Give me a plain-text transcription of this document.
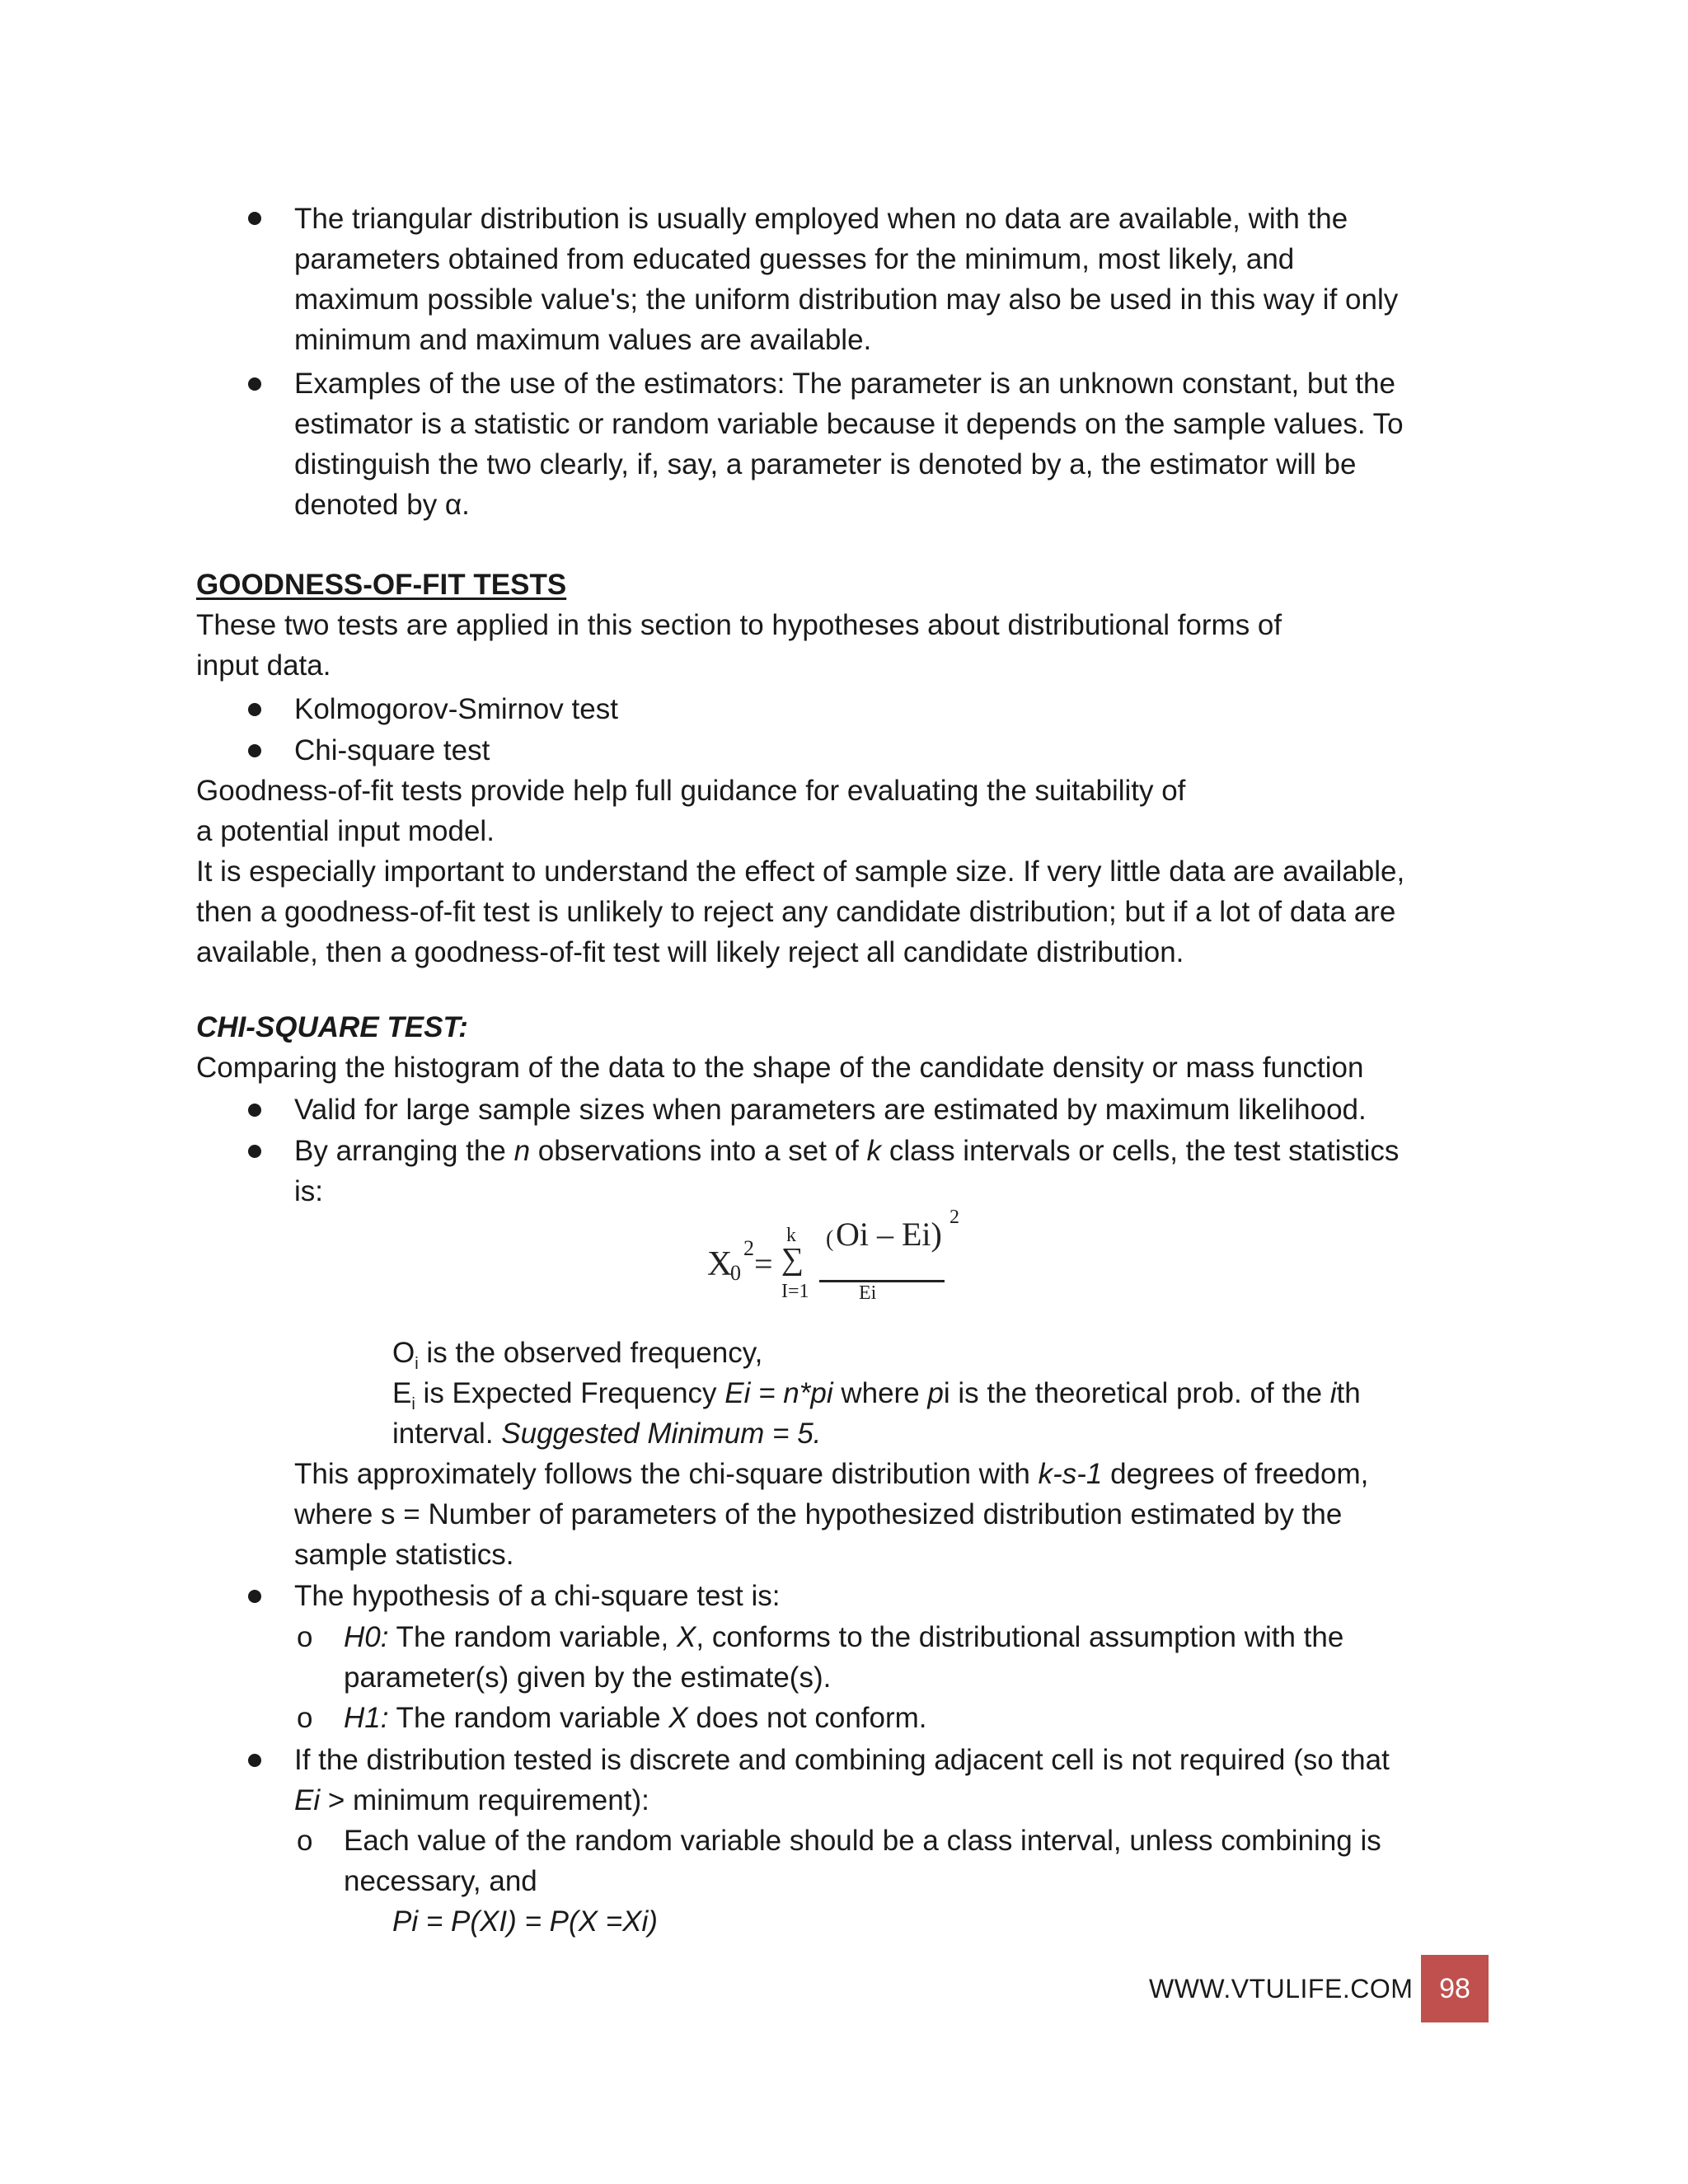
The triangular distribution is usually employed when no data are available, with the
parameters obtained from educated guesses for the minimum, most likely, and
maximum possible value's; the uniform distribution may also be used in this way if only
minimum and maximum values are available.
Examples of the use of the estimators: The parameter is an unknown constant, but the
estimator is a statistic or random variable because it depends on the sample values. To
distinguish the two clearly, if, say, a parameter is denoted by a, the estimator will be
denoted by α.
GOODNESS-OF-FIT TESTS
These two tests are applied in this section to hypotheses about distributional forms of
input data.
Kolmogorov-Smirnov test
Chi-square test
Goodness-of-fit tests provide help full guidance for evaluating the suitability of
a potential input model.
It is especially important to understand the effect of sample size. If very little data are available,
then a goodness-of-fit test is unlikely to reject any candidate distribution; but if a lot of data are
available, then a goodness-of-fit test will likely reject all candidate distribution.
CHI-SQUARE TEST:
Comparing the histogram of the data to the shape of the candidate density or mass function
Valid for large sample sizes when parameters are estimated by maximum likelihood.
By arranging the n observations into a set of k class intervals or cells, the test statistics
is:
X
0
2 =
k
∑
I=1
( Oi – Ei) 2
Ei
$O_i$ is the observed frequency,
$E_i$ is Expected Frequency Ei = n*pi where pi is the theoretical prob. of the ith
interval. Suggested Minimum = 5.
This approximately follows the chi-square distribution with k-s-1 degrees of freedom,
where s = Number of parameters of the hypothesized distribution estimated by the
sample statistics.
The hypothesis of a chi-square test is:
o H0: The random variable, X, conforms to the distributional assumption with the
parameter(s) given by the estimate(s).
o H1: The random variable X does not conform.
If the distribution tested is discrete and combining adjacent cell is not required (so that
Ei > minimum requirement):
o Each value of the random variable should be a class interval, unless combining is
necessary, and
Pi = P(XI) = P(X =Xi)
WWW.VTULIFE.COM 98
